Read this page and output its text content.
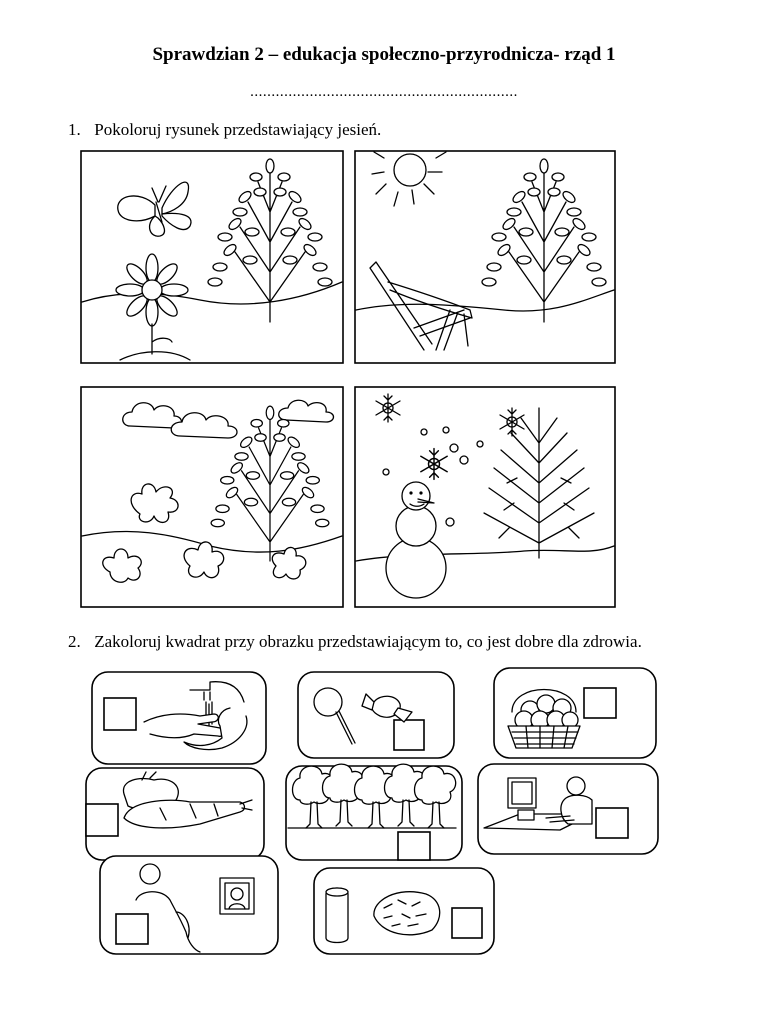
Sprawdzian 2 – edukacja społeczno-przyrodnicza- rząd 1
...............................................................
1. Pokoloruj rysunek przedstawiający jesień.
2. Zakoloruj kwadrat przy obrazku przedstawiającym to, co jest dobre dla zdrowia.
